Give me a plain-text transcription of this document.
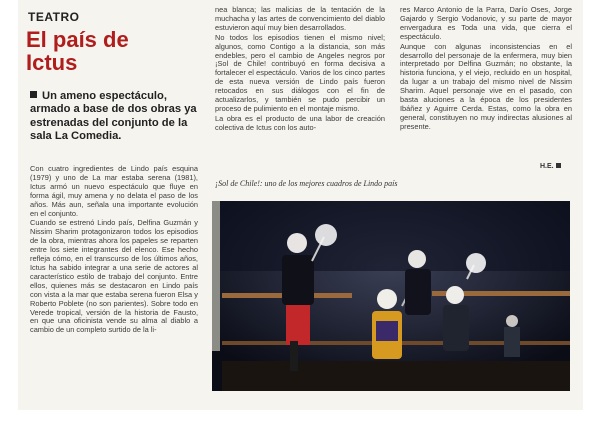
TEATRO
El país de Ictus
Un ameno espectáculo, armado a base de dos obras ya estrenadas del conjunto de la sala La Comedia.

Con cuatro ingredientes de Lindo país esquina (1979) y uno de La mar estaba serena (1981), Ictus armó un nuevo espectáculo que fluye en forma ágil, muy amena y no delata el paso de los años. Más aun, señala una importante evolución en el conjunto.

Cuando se estrenó Lindo país, Delfina Guzmán y Nissim Sharim protagonizaron todos los episodios de la obra, mientras ahora los papeles se reparten entre los siete integrantes del elenco. Ese hecho refleja cómo, en el transcurso de los últimos años, Ictus ha sabido integrar a una serie de actores al característico estilo de trabajo del conjunto. Entre ellos, quienes más se destacaron en Lindo país con vista a la mar que estaba serena fueron Elsa y Roberto Poblete (no son parientes). Sobre todo en Verede tropical, versión de la historia de Fausto, en que una oficinista vende su alma al diablo a cambio de un completo surtido de la li-

nea blanca; las malicias de la tentación de la muchacha y las artes de convencimiento del diablo estuvieron aquí muy bien desarrollados.

No todos los episodios tienen el mismo nivel; algunos, como Contigo a la distancia, son más endebles, pero el cambio de Angeles negros por ¡Sol de Chile! contribuyó en forma decisiva a fortalecer el espectáculo. Varios de los cinco partes de esta nueva versión de Lindo país fueron retocados en sus diálogos con el fin de actualizarlos, y también se pudo percibir un proceso de pulimiento en el montaje mismo.

La obra es el producto de una labor de creación colectiva de Ictus con los auto-

res Marco Antonio de la Parra, Darío Oses, Jorge Gajardo y Sergio Vodanovic, y su parte de mayor envergadura es Toda una vida, que cierra el espectáculo.

Aunque con algunas inconsistencias en el desarrollo del personaje de la enfermera, muy bien interpretado por Delfina Guzmán; no obstante, la historia funciona, y el viejo, recluido en un hospital, da lugar a un trabajo del mismo nivel de Nissim Sharim. Aquel personaje vive en el pasado, con basta aluciones a la época de los presidentes Ibáñez y Aguirre Cerda. Estas, como la obra en general, constituyen no muy indirectas alusiones al presente.

H.E.
¡Sol de Chile!: uno de los mejores cuadros de Lindo país
